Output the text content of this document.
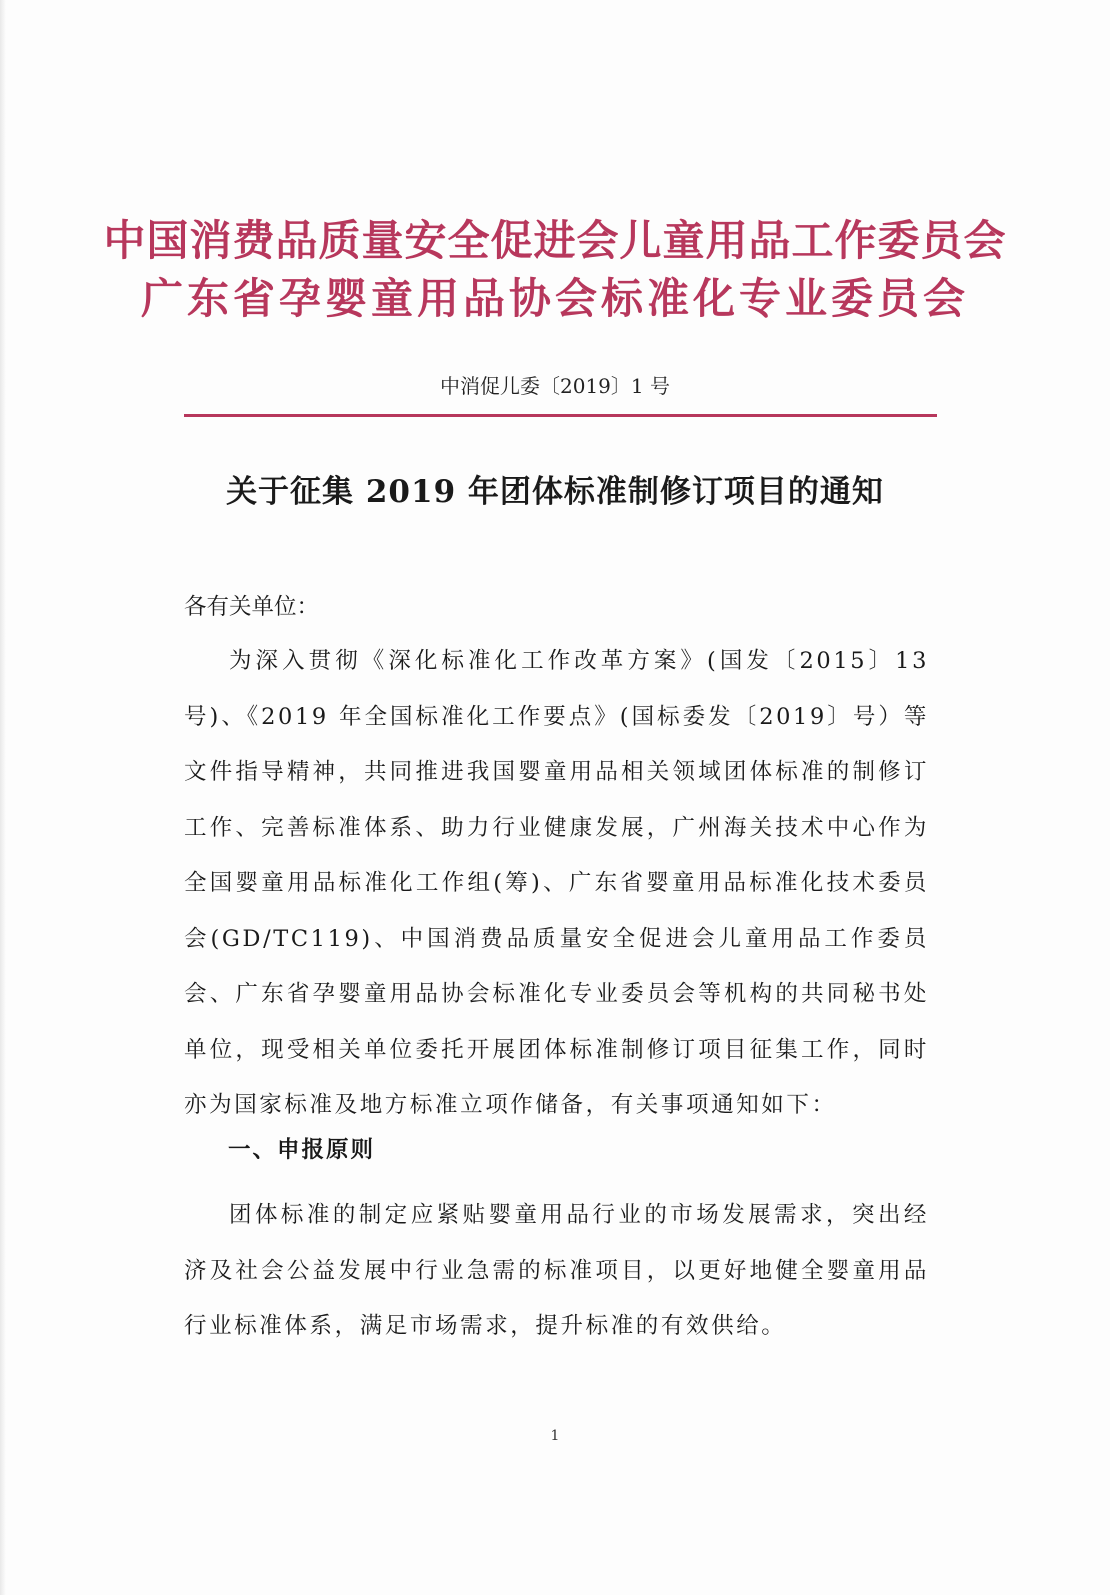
中国消费品质量安全促进会儿童用品工作委员会
广东省孕婴童用品协会标准化专业委员会
中消促儿委〔2019〕1 号
关于征集 2019 年团体标准制修订项目的通知
各有关单位：
为深入贯彻《深化标准化工作改革方案》(国发〔2015〕13 号)、《2019 年全国标准化工作要点》(国标委发〔2019〕号）等文件指导精神，共同推进我国婴童用品相关领域团体标准的制修订工作、完善标准体系、助力行业健康发展，广州海关技术中心作为全国婴童用品标准化工作组(筹)、广东省婴童用品标准化技术委员会(GD/TC119)、中国消费品质量安全促进会儿童用品工作委员会、广东省孕婴童用品协会标准化专业委员会等机构的共同秘书处单位，现受相关单位委托开展团体标准制修订项目征集工作，同时亦为国家标准及地方标准立项作储备，有关事项通知如下：
一、申报原则
团体标准的制定应紧贴婴童用品行业的市场发展需求，突出经济及社会公益发展中行业急需的标准项目，以更好地健全婴童用品行业标准体系，满足市场需求，提升标准的有效供给。
1
